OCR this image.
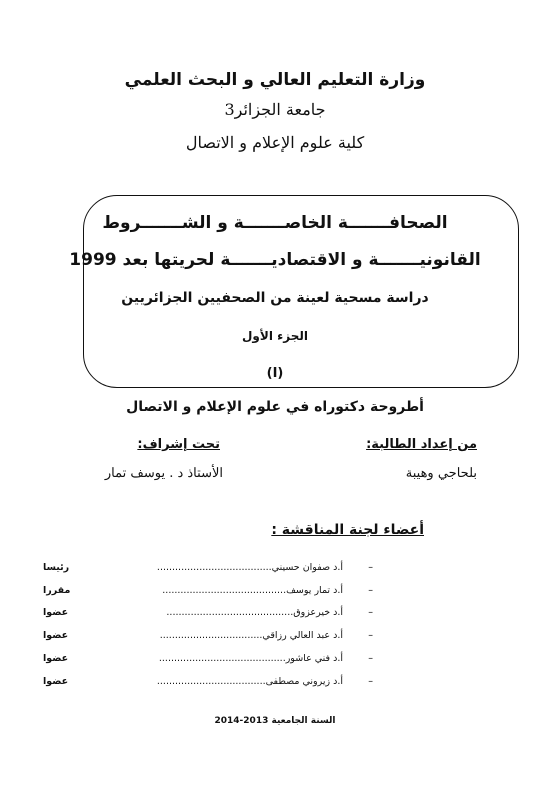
وزارة التعليم العالي و البحث العلمي
جامعة الجزائر3
كلية علوم الإعلام و الاتصال
الصحافـــــــة الخاصـــــــة و الشـــــــروط
القانونيـــــــة و الاقتصاديـــــــة لحريتها بعد 1999
دراسة مسحية لعينة من الصحفيين الجزائريين
الجزء الأول
(I)
أطروحة دكتوراه في علوم الإعلام و الاتصال
من إعداد الطالبة:
بلحاجي وهيبة
تحت إشراف:
الأستاذ د . يوسف تمار
أعضاء لجنة المناقشة :
–
أ.د صفوان حسيني......................................
رئيسا
–
أ.د تمار يوسف.........................................
مقررا
–
أ.د خيرعزوق..........................................
عضوا
–
أ.د عبد العالي رزاقي..................................
عضوا
–
أ.د فني عاشور..........................................
عضوا
–
أ.د زيروني مصطفى....................................
عضوا
السنة الجامعية 2013-2014
